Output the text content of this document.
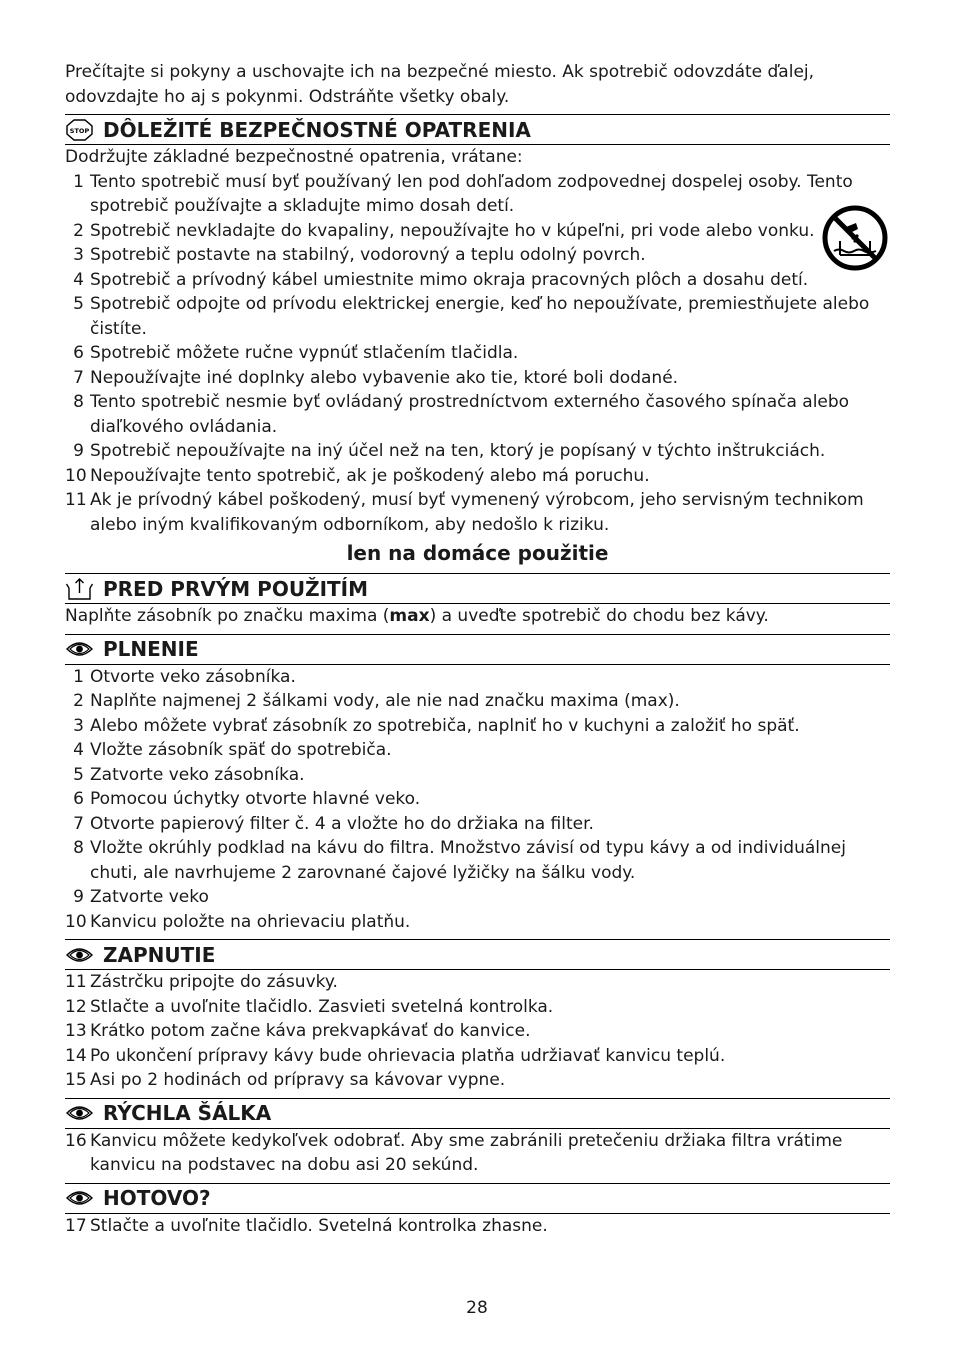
Prečítajte si pokyny a uschovajte ich na bezpečné miesto. Ak spotrebič odovzdáte ďalej, odovzdajte ho aj s pokynmi. Odstráňte všetky obaly.

STOP DÔLEŽITÉ BEZPEČNOSTNÉ OPATRENIA

Dodržujte základné bezpečnostné opatrenia, vrátane:

1 Tento spotrebič musí byť používaný len pod dohľadom zodpovednej dospelej osoby. Tento spotrebič používajte a skladujte mimo dosah detí.
2 Spotrebič nevkladajte do kvapaliny, nepoužívajte ho v kúpeľni, pri vode alebo vonku.
3 Spotrebič postavte na stabilný, vodorovný a teplu odolný povrch.
4 Spotrebič a prívodný kábel umiestnite mimo okraja pracovných plôch a dosahu detí.
5 Spotrebič odpojte od prívodu elektrickej energie, keď ho nepoužívate, premiestňujete alebo čistíte.
6 Spotrebič môžete ručne vypnúť stlačením tlačidla.
7 Nepoužívajte iné doplnky alebo vybavenie ako tie, ktoré boli dodané.
8 Tento spotrebič nesmie byť ovládaný prostredníctvom externého časového spínača alebo diaľkového ovládania.
9 Spotrebič nepoužívajte na iný účel než na ten, ktorý je popísaný v týchto inštrukciách.
10 Nepoužívajte tento spotrebič, ak je poškodený alebo má poruchu.
11 Ak je prívodný kábel poškodený, musí byť vymenený výrobcom, jeho servisným technikom alebo iným kvalifikovaným odborníkom, aby nedošlo k riziku.
len na domáce použitie
PRED PRVÝM POUŽITÍM

Naplňte zásobník po značku maxima (max) a uveďte spotrebič do chodu bez kávy.

PLNENIE
1 Otvorte veko zásobníka.
2 Naplňte najmenej 2 šálkami vody, ale nie nad značku maxima (max).
3 Alebo môžete vybrať zásobník zo spotrebiča, naplniť ho v kuchyni a založiť ho späť.
4 Vložte zásobník späť do spotrebiča.
5 Zatvorte veko zásobníka.
6 Pomocou úchytky otvorte hlavné veko.
7 Otvorte papierový filter č. 4 a vložte ho do držiaka na filter.
8 Vložte okrúhly podklad na kávu do filtra. Množstvo závisí od typu kávy a od individuálnej chuti, ale navrhujeme 2 zarovnané čajové lyžičky na šálku vody.
9 Zatvorte veko
10 Kanvicu položte na ohrievaciu platňu.
ZAPNUTIE
11 Zástrčku pripojte do zásuvky.
12 Stlačte a uvoľnite tlačidlo. Zasvieti svetelná kontrolka.
13 Krátko potom začne káva prekvapkávať do kanvice.
14 Po ukončení prípravy kávy bude ohrievacia platňa udržiavať kanvicu teplú.
15 Asi po 2 hodinách od prípravy sa kávovar vypne.
RÝCHLA ŠÁLKA
16 Kanvicu môžete kedykoľvek odobrať. Aby sme zabránili pretečeniu držiaka filtra vrátime kanvicu na podstavec na dobu asi 20 sekúnd.
HOTOVO?
17 Stlačte a uvoľnite tlačidlo. Svetelná kontrolka zhasne.
28
